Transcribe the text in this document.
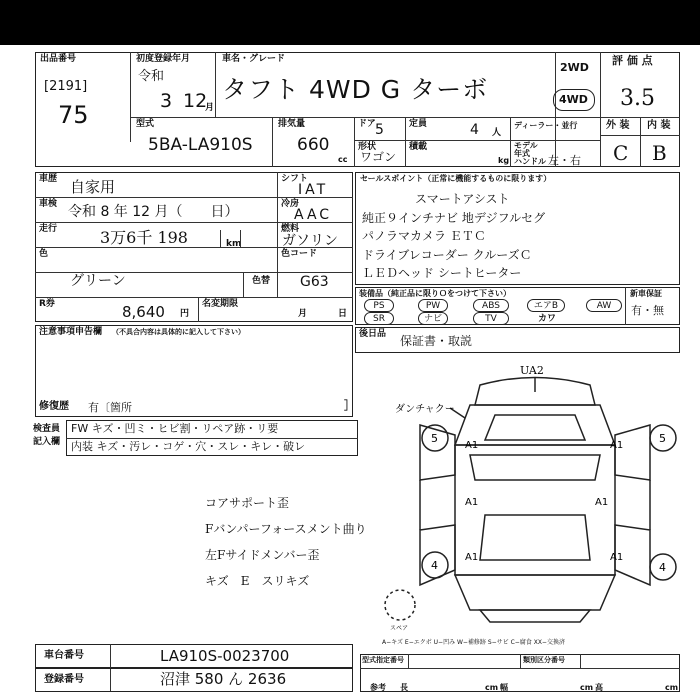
出品番号
[2191]
75
初度登録年月
令和
3 12
月
車名・グレード
タフト 4WD G ターボ
2WD
4WD
評 価 点
3.5
外 装 内 装
C B
型式
5BA-LA910S
排気量
660
cc
ドア 5	定員	4 人
ディーラー・並行
形状
ワゴン
積載
kg
モデル 年式
ハンドル 左・右
車歴 自家用
車検 令和 8 年 12 月（　　日）
走行	3万6千 198	km
色
グリーン	色替
R券	8,640 円
名変期限
月	日
シフト
IAT
冷房
AAC
燃料
ガソリン
色コード
G63
セールスポイント（正常に機能するものに限ります）
スマートアシスト
純正９インチナビ 地デジフルセグ
パノラマカメラ ＥＴＣ
ドライブレコーダー クルーズＣ
ＬＥＤヘッド シートヒーター
装備品（純正品に限りＯをつけて下さい）
PS	PW	ABS	エアB	AW
SR	ナビ	TV	カワ
新車保証
有・無
後日品 保証書・取説
注意事項申告欄 （不具合内容は具体的に記入して下さい）
修復歴 有〔箇所	］
検査員
記入欄
FW キズ・凹ミ・ヒビ割・リペア跡・リ要
内装 キズ・汚レ・コゲ・穴・スレ・キレ・破レ
コアサポート歪
Fバンパーフォースメント曲り
左Fサイドメンバー歪
キズ　E　スリキズ
UA2
ダンチャクー
A1	A1
A1	A1
A1	A1
5	5
4	4
スペア
A−キズ E−エクボ U−凹み W−補修跡 S−サビ C−腐食 XX−交換済
車台番号	LA910S-0023700
登録番号	沼津 580 ん 2636
型式指定番号	類別区分番号
参考 長	cm 幅	cm 高	cm
